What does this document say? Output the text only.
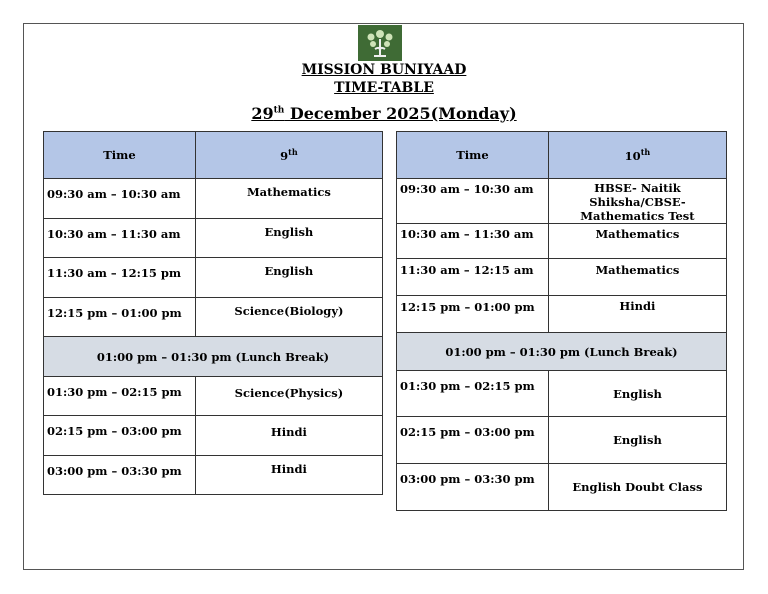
MISSION BUNIYAAD
TIME-TABLE
29th December 2025(Monday)
Time	9th
09:30 am – 10:30 am	Mathematics
10:30 am – 11:30 am	English
11:30 am – 12:15 pm	English
12:15 pm – 01:00 pm	Science(Biology)
01:00 pm – 01:30 pm (Lunch Break)	
01:30 pm – 02:15 pm	Science(Physics)
02:15 pm – 03:00 pm	Hindi
03:00 pm – 03:30 pm	Hindi
Time	10th
09:30 am – 10:30 am	HBSE- Naitik Shiksha/CBSE-Mathematics Test
10:30 am – 11:30 am	Mathematics
11:30 am – 12:15 am	Mathematics
12:15 pm – 01:00 pm	Hindi
01:00 pm – 01:30 pm (Lunch Break)	
01:30 pm – 02:15 pm	English
02:15 pm – 03:00 pm	English
03:00 pm – 03:30 pm	English Doubt Class
